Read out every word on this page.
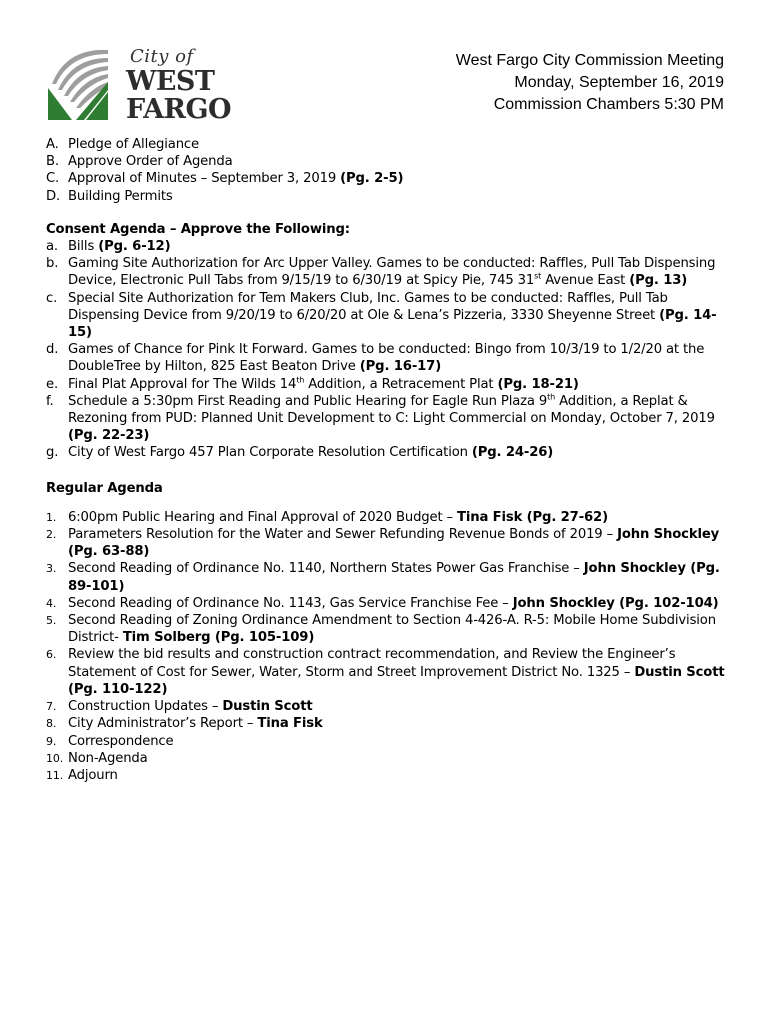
City of
WEST
FARGO
West Fargo City Commission Meeting
Monday, September 16, 2019
Commission Chambers 5:30 PM
A. Pledge of Allegiance
B. Approve Order of Agenda
C. Approval of Minutes – September 3, 2019 (Pg. 2-5)
D. Building Permits
Consent Agenda – Approve the Following:
a. Bills (Pg. 6-12)
b. Gaming Site Authorization for Arc Upper Valley. Games to be conducted: Raffles, Pull Tab Dispensing Device, Electronic Pull Tabs from 9/15/19 to 6/30/19 at Spicy Pie, 745 31st Avenue East (Pg. 13)
c. Special Site Authorization for Tem Makers Club, Inc. Games to be conducted: Raffles, Pull Tab Dispensing Device from 9/20/19 to 6/20/20 at Ole & Lena’s Pizzeria, 3330 Sheyenne Street (Pg. 14-15)
d. Games of Chance for Pink It Forward. Games to be conducted: Bingo from 10/3/19 to 1/2/20 at the DoubleTree by Hilton, 825 East Beaton Drive (Pg. 16-17)
e. Final Plat Approval for The Wilds 14th Addition, a Retracement Plat (Pg. 18-21)
f. Schedule a 5:30pm First Reading and Public Hearing for Eagle Run Plaza 9th Addition, a Replat & Rezoning from PUD: Planned Unit Development to C: Light Commercial on Monday, October 7, 2019 (Pg. 22-23)
g. City of West Fargo 457 Plan Corporate Resolution Certification (Pg. 24-26)
Regular Agenda
1. 6:00pm Public Hearing and Final Approval of 2020 Budget – Tina Fisk (Pg. 27-62)
2. Parameters Resolution for the Water and Sewer Refunding Revenue Bonds of 2019 – John Shockley (Pg. 63-88)
3. Second Reading of Ordinance No. 1140, Northern States Power Gas Franchise – John Shockley (Pg. 89-101)
4. Second Reading of Ordinance No. 1143, Gas Service Franchise Fee – John Shockley (Pg. 102-104)
5. Second Reading of Zoning Ordinance Amendment to Section 4-426-A. R-5: Mobile Home Subdivision District- Tim Solberg (Pg. 105-109)
6. Review the bid results and construction contract recommendation, and Review the Engineer’s Statement of Cost for Sewer, Water, Storm and Street Improvement District No. 1325 – Dustin Scott (Pg. 110-122)
7. Construction Updates – Dustin Scott
8. City Administrator’s Report – Tina Fisk
9. Correspondence
10. Non-Agenda
11. Adjourn
